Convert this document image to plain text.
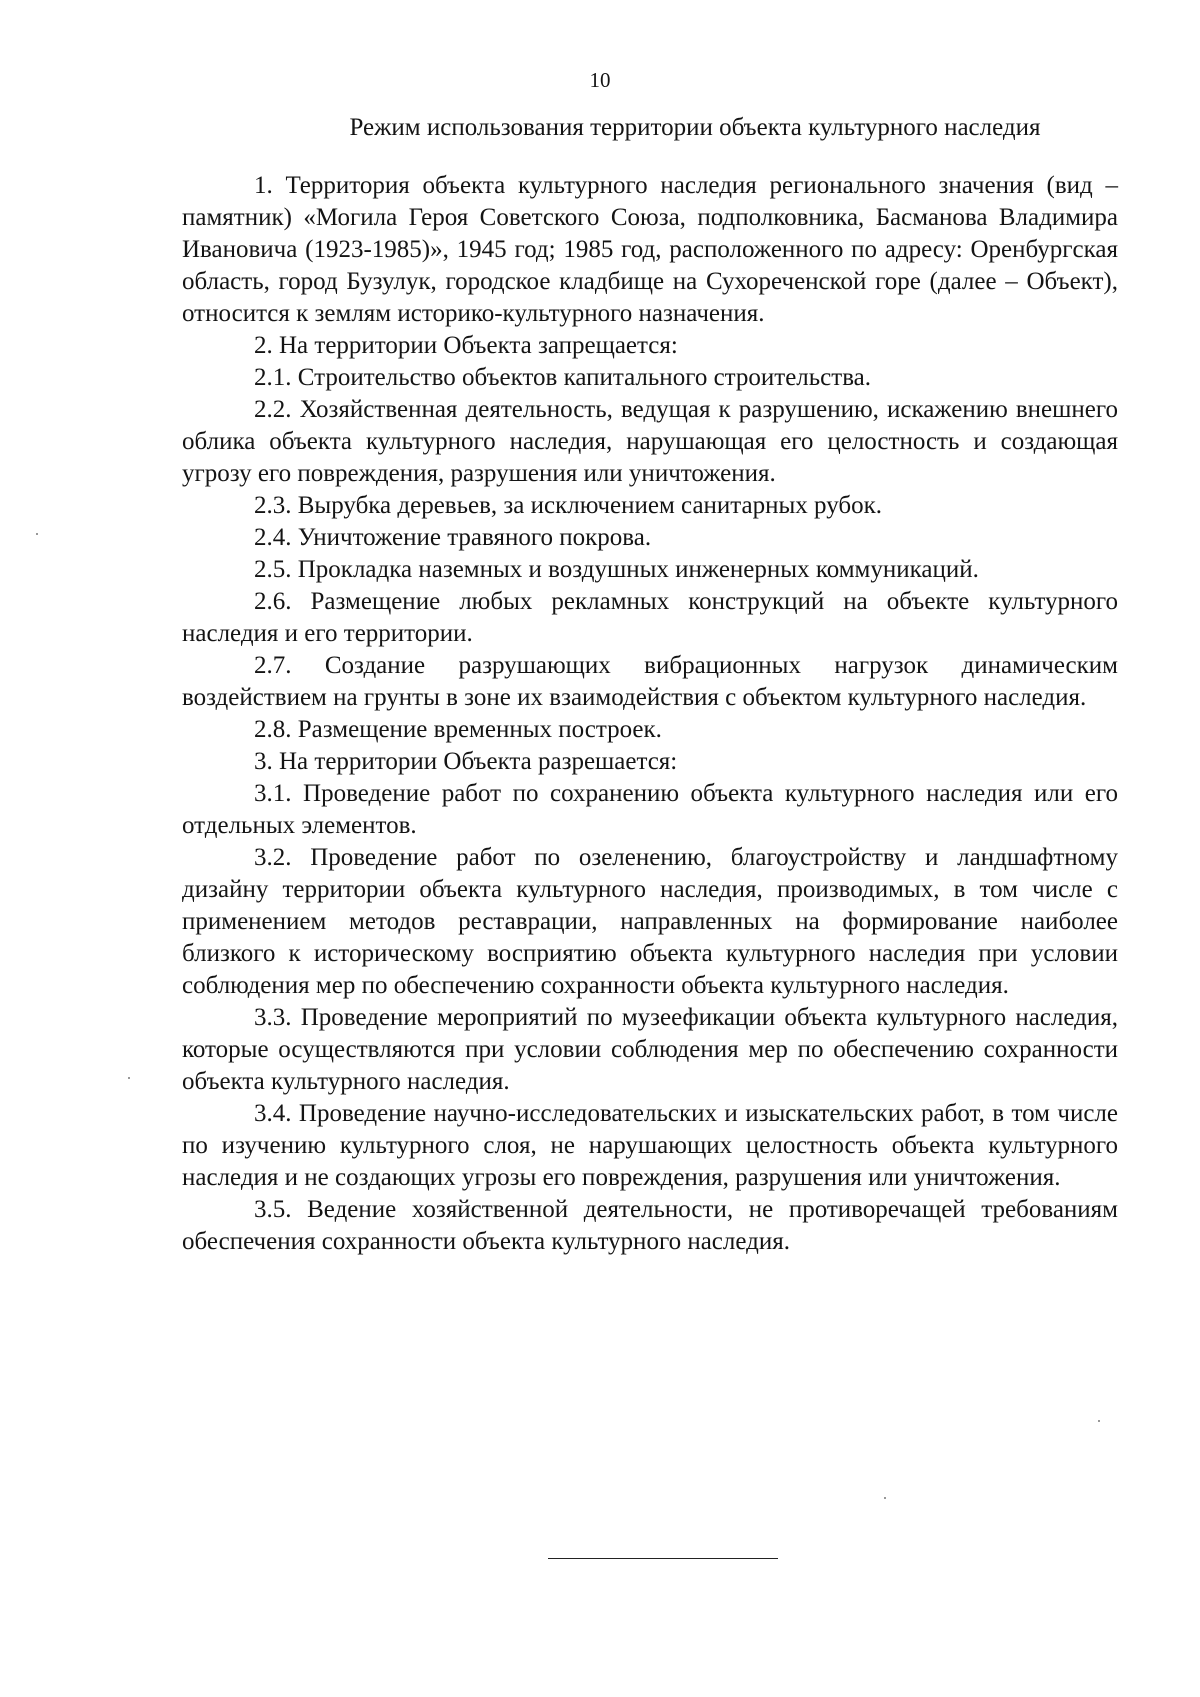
10
Режим использования территории объекта культурного наследия

1. Территория объекта культурного наследия регионального значения (вид – памятник) «Могила Героя Советского Союза, подполковника, Басманова Владимира Ивановича (1923-1985)», 1945 год; 1985 год, расположенного по адресу: Оренбургская область, город Бузулук, городское кладбище на Сухореченской горе (далее – Объект), относится к землям историко-культурного назначения.

2. На территории Объекта запрещается:

2.1. Строительство объектов капитального строительства.

2.2. Хозяйственная деятельность, ведущая к разрушению, искажению внешнего облика объекта культурного наследия, нарушающая его целостность и создающая угрозу его повреждения, разрушения или уничтожения.

2.3. Вырубка деревьев, за исключением санитарных рубок.

2.4. Уничтожение травяного покрова.

2.5. Прокладка наземных и воздушных инженерных коммуникаций.

2.6. Размещение любых рекламных конструкций на объекте культурного наследия и его территории.

2.7. Создание разрушающих вибрационных нагрузок динамическим воздействием на грунты в зоне их взаимодействия с объектом культурного наследия.

2.8. Размещение временных построек.

3. На территории Объекта разрешается:

3.1. Проведение работ по сохранению объекта культурного наследия или его отдельных элементов.

3.2. Проведение работ по озеленению, благоустройству и ландшафтному дизайну территории объекта культурного наследия, производимых, в том числе с применением методов реставрации, направленных на формирование наиболее близкого к историческому восприятию объекта культурного наследия при условии соблюдения мер по обеспечению сохранности объекта культурного наследия.

3.3. Проведение мероприятий по музеефикации объекта культурного наследия, которые осуществляются при условии соблюдения мер по обеспечению сохранности объекта культурного наследия.

3.4. Проведение научно-исследовательских и изыскательских работ, в том числе по изучению культурного слоя, не нарушающих целостность объекта культурного наследия и не создающих угрозы его повреждения, разрушения или уничтожения.

3.5. Ведение хозяйственной деятельности, не противоречащей требованиям обеспечения сохранности объекта культурного наследия.
